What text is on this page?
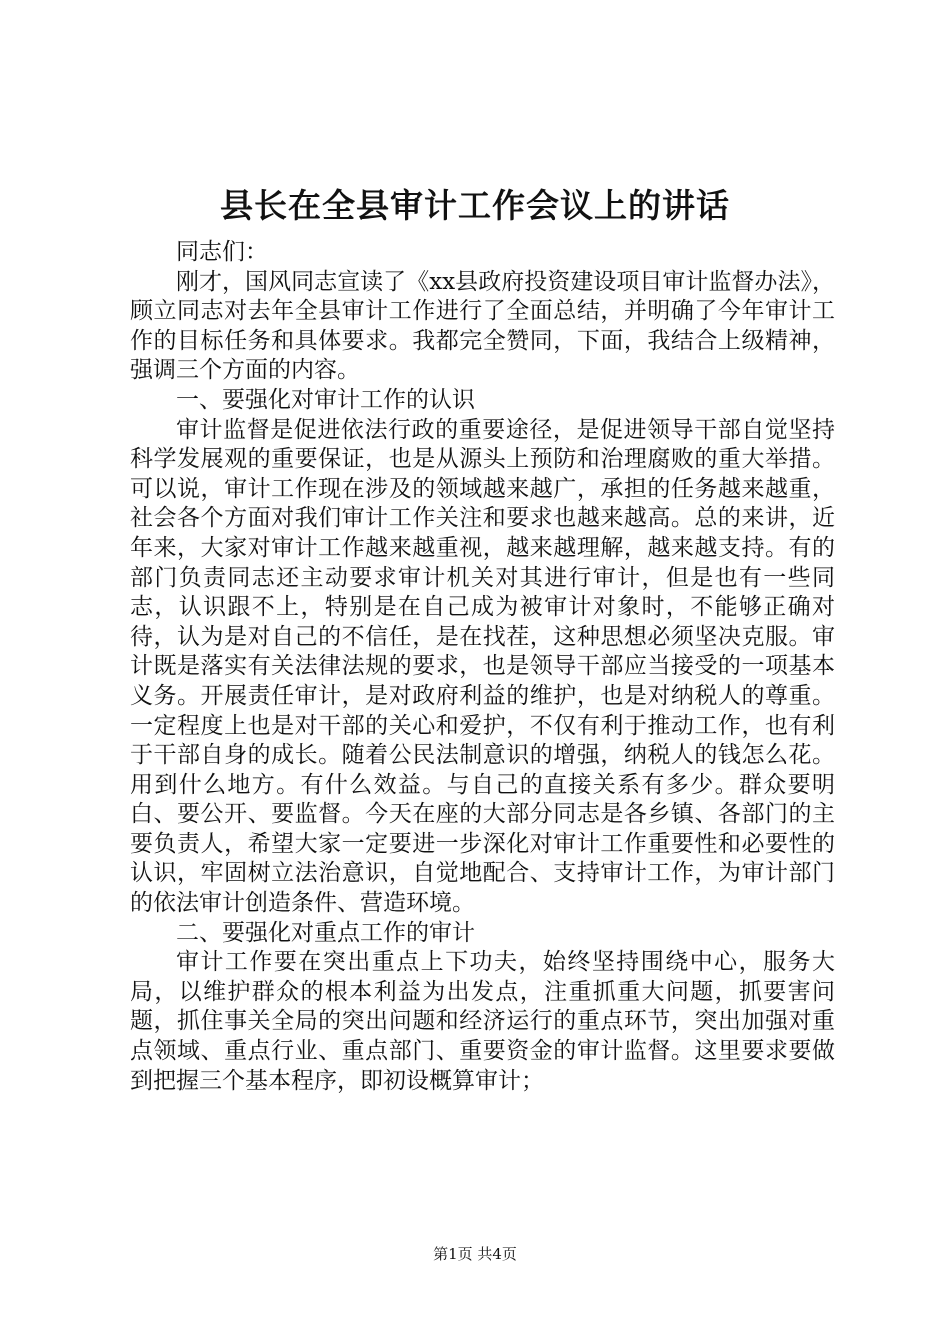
县长在全县审计工作会议上的讲话

同志们：

刚才，国风同志宣读了《xx县政府投资建设项目审计监督办法》，顾立同志对去年全县审计工作进行了全面总结，并明确了今年审计工作的目标任务和具体要求。我都完全赞同，下面，我结合上级精神，强调三个方面的内容。

一、要强化对审计工作的认识

审计监督是促进依法行政的重要途径，是促进领导干部自觉坚持科学发展观的重要保证，也是从源头上预防和治理腐败的重大举措。可以说，审计工作现在涉及的领域越来越广，承担的任务越来越重，社会各个方面对我们审计工作关注和要求也越来越高。总的来讲，近年来，大家对审计工作越来越重视，越来越理解，越来越支持。有的部门负责同志还主动要求审计机关对其进行审计，但是也有一些同志，认识跟不上，特别是在自己成为被审计对象时，不能够正确对待，认为是对自己的不信任，是在找茬，这种思想必须坚决克服。审计既是落实有关法律法规的要求，也是领导干部应当接受的一项基本义务。开展责任审计，是对政府利益的维护，也是对纳税人的尊重。一定程度上也是对干部的关心和爱护，不仅有利于推动工作，也有利于干部自身的成长。随着公民法制意识的增强，纳税人的钱怎么花。用到什么地方。有什么效益。与自己的直接关系有多少。群众要明白、要公开、要监督。今天在座的大部分同志是各乡镇、各部门的主要负责人，希望大家一定要进一步深化对审计工作重要性和必要性的认识，牢固树立法治意识，自觉地配合、支持审计工作，为审计部门的依法审计创造条件、营造环境。

二、要强化对重点工作的审计

审计工作要在突出重点上下功夫，始终坚持围绕中心，服务大局，以维护群众的根本利益为出发点，注重抓重大问题，抓要害问题，抓住事关全局的突出问题和经济运行的重点环节，突出加强对重点领域、重点行业、重点部门、重要资金的审计监督。这里要求要做到把握三个基本程序，即初设概算审计；

第1页 共4页
